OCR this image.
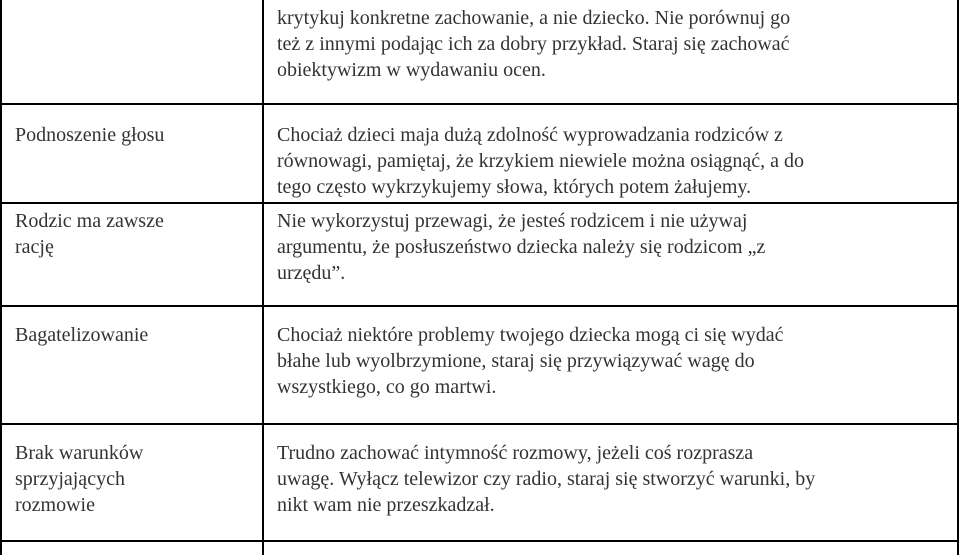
krytykuj konkretne zachowanie, a nie dziecko. Nie porównuj go
też z innymi podając ich za dobry przykład. Staraj się zachować
obiektywizm w wydawaniu ocen.
Podnoszenie głosu	Chociaż dzieci maja dużą zdolność wyprowadzania rodziców z
równowagi, pamiętaj, że krzykiem niewiele można osiągnąć, a do
tego często wykrzykujemy słowa, których potem żałujemy.
Rodzic ma zawsze
rację
Nie wykorzystuj przewagi, że jesteś rodzicem i nie używaj
argumentu, że posłuszeństwo dziecka należy się rodzicom „z
urzędu”.
Bagatelizowanie	Chociaż niektóre problemy twojego dziecka mogą ci się wydać
błahe lub wyolbrzymione, staraj się przywiązywać wagę do
wszystkiego, co go martwi.
Brak warunków
sprzyjających
rozmowie
Trudno zachować intymność rozmowy, jeżeli coś rozprasza
uwagę. Wyłącz telewizor czy radio, staraj się stworzyć warunki, by
nikt wam nie przeszkadzał.
